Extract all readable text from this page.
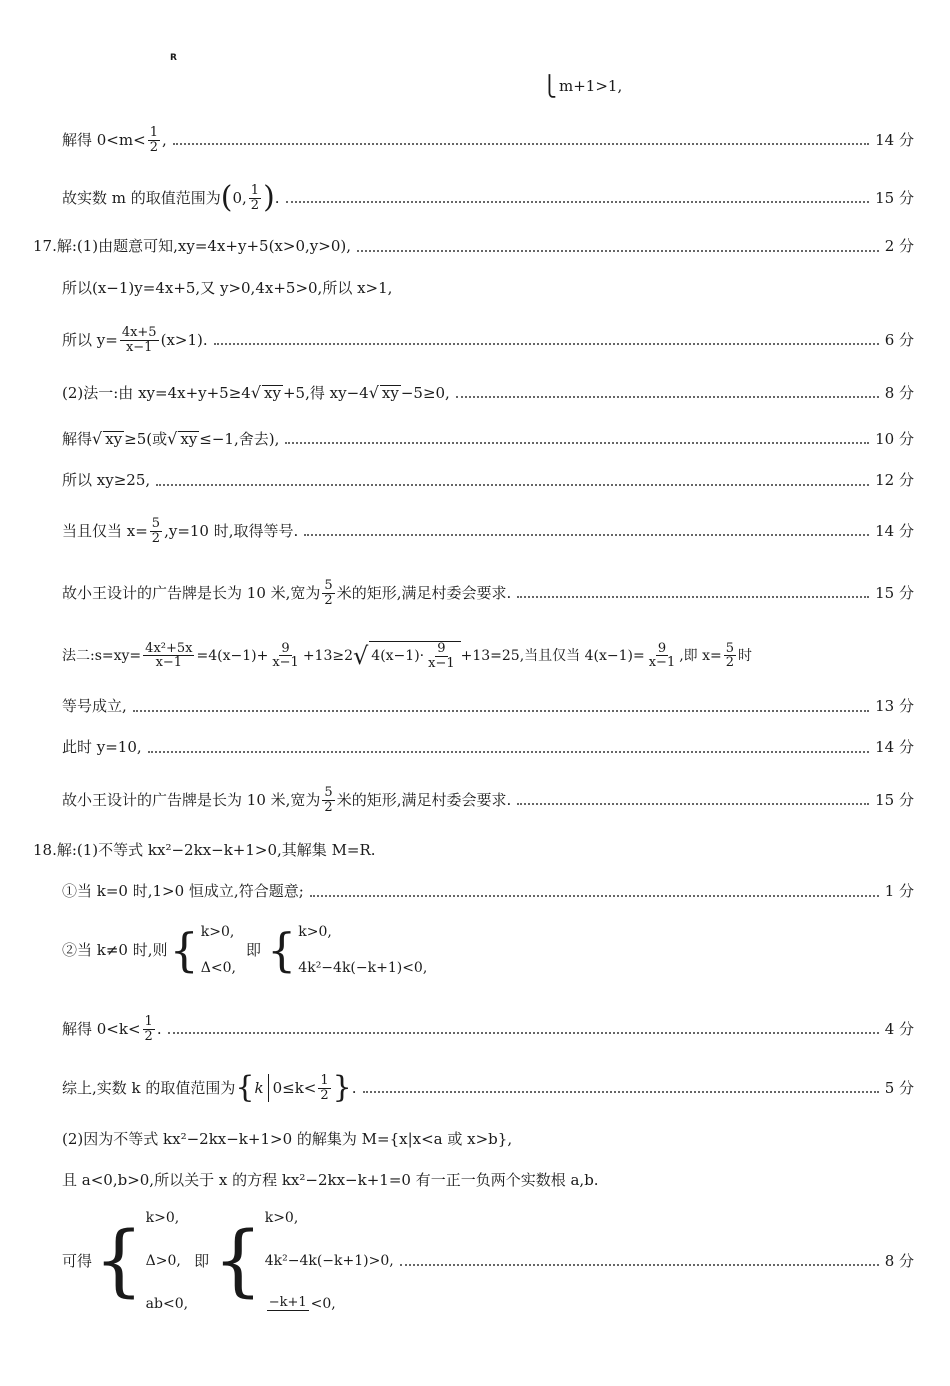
R
⎩ m+1>1,
解得 $0<m< \frac{1}{2}$ ,	14 分
故实数 m 的取值范围为 ( 0, $\frac{1}{2}$ ) .	15 分
17.解:(1)由题意可知,xy=4x+y+5(x>0,y>0),	2 分
所以(x−1)y=4x+5,又 y>0,4x+5>0,所以 x>1,
所以 $y= \frac{4x+5}{x-1} (x>1)$.	6 分
(2)法一:由 xy=4x+y+5≥4 √ xy +5,得 xy−4 √ xy −5≥0,	8 分
解得 √ xy ≥5(或 √ xy ≤−1,舍去),	10 分
所以 xy≥25,	12 分
当且仅当 $x= \frac{5}{2} ,y=10$ 时,取得等号.	14 分
故小王设计的广告牌是长为 10 米,宽为 $\frac{5}{2}$ 米的矩形,满足村委会要求.	15 分
法二:s=xy= $\frac{\text{4x²+5x}}{x-1} =4(x-1)+ \frac{9}{x-1} +13\ge 2$ √ $4(x-1)\cdot \frac{9}{x-1} +13=25$,当且仅当 $4(x-1)= \frac{9}{x-1}$ ,即 $x= \frac{5}{2}$ 时
等号成立,	13 分
此时 y=10,	14 分
故小王设计的广告牌是长为 10 米,宽为 $\frac{5}{2}$ 米的矩形,满足村委会要求.	15 分
18.解:(1)不等式 kx²−2kx−k+1>0,其解集 M=R.
①当 k=0 时,1>0 恒成立,符合题意;	1 分
②当 k≠0 时,则 { k>0,
Δ<0,
即 { k>0,
4k²−4k(−k+1)<0,
解得 $0<k< \frac{1}{2}$ .	4 分
综上,实数 k 的取值范围为 { k $0\le k< \frac{1}{2}$ } .	5 分
(2)因为不等式 kx²−2kx−k+1>0 的解集为 M={x|x<a 或 x>b},
且 a<0,b>0,所以关于 x 的方程 kx²−2kx−k+1=0 有一正一负两个实数根 a,b.
可得 { k>0,
Δ>0,
ab<0,
即 { k>0,
4k²−4k(−k+1)>0,
−k+1 <0,
8 分
